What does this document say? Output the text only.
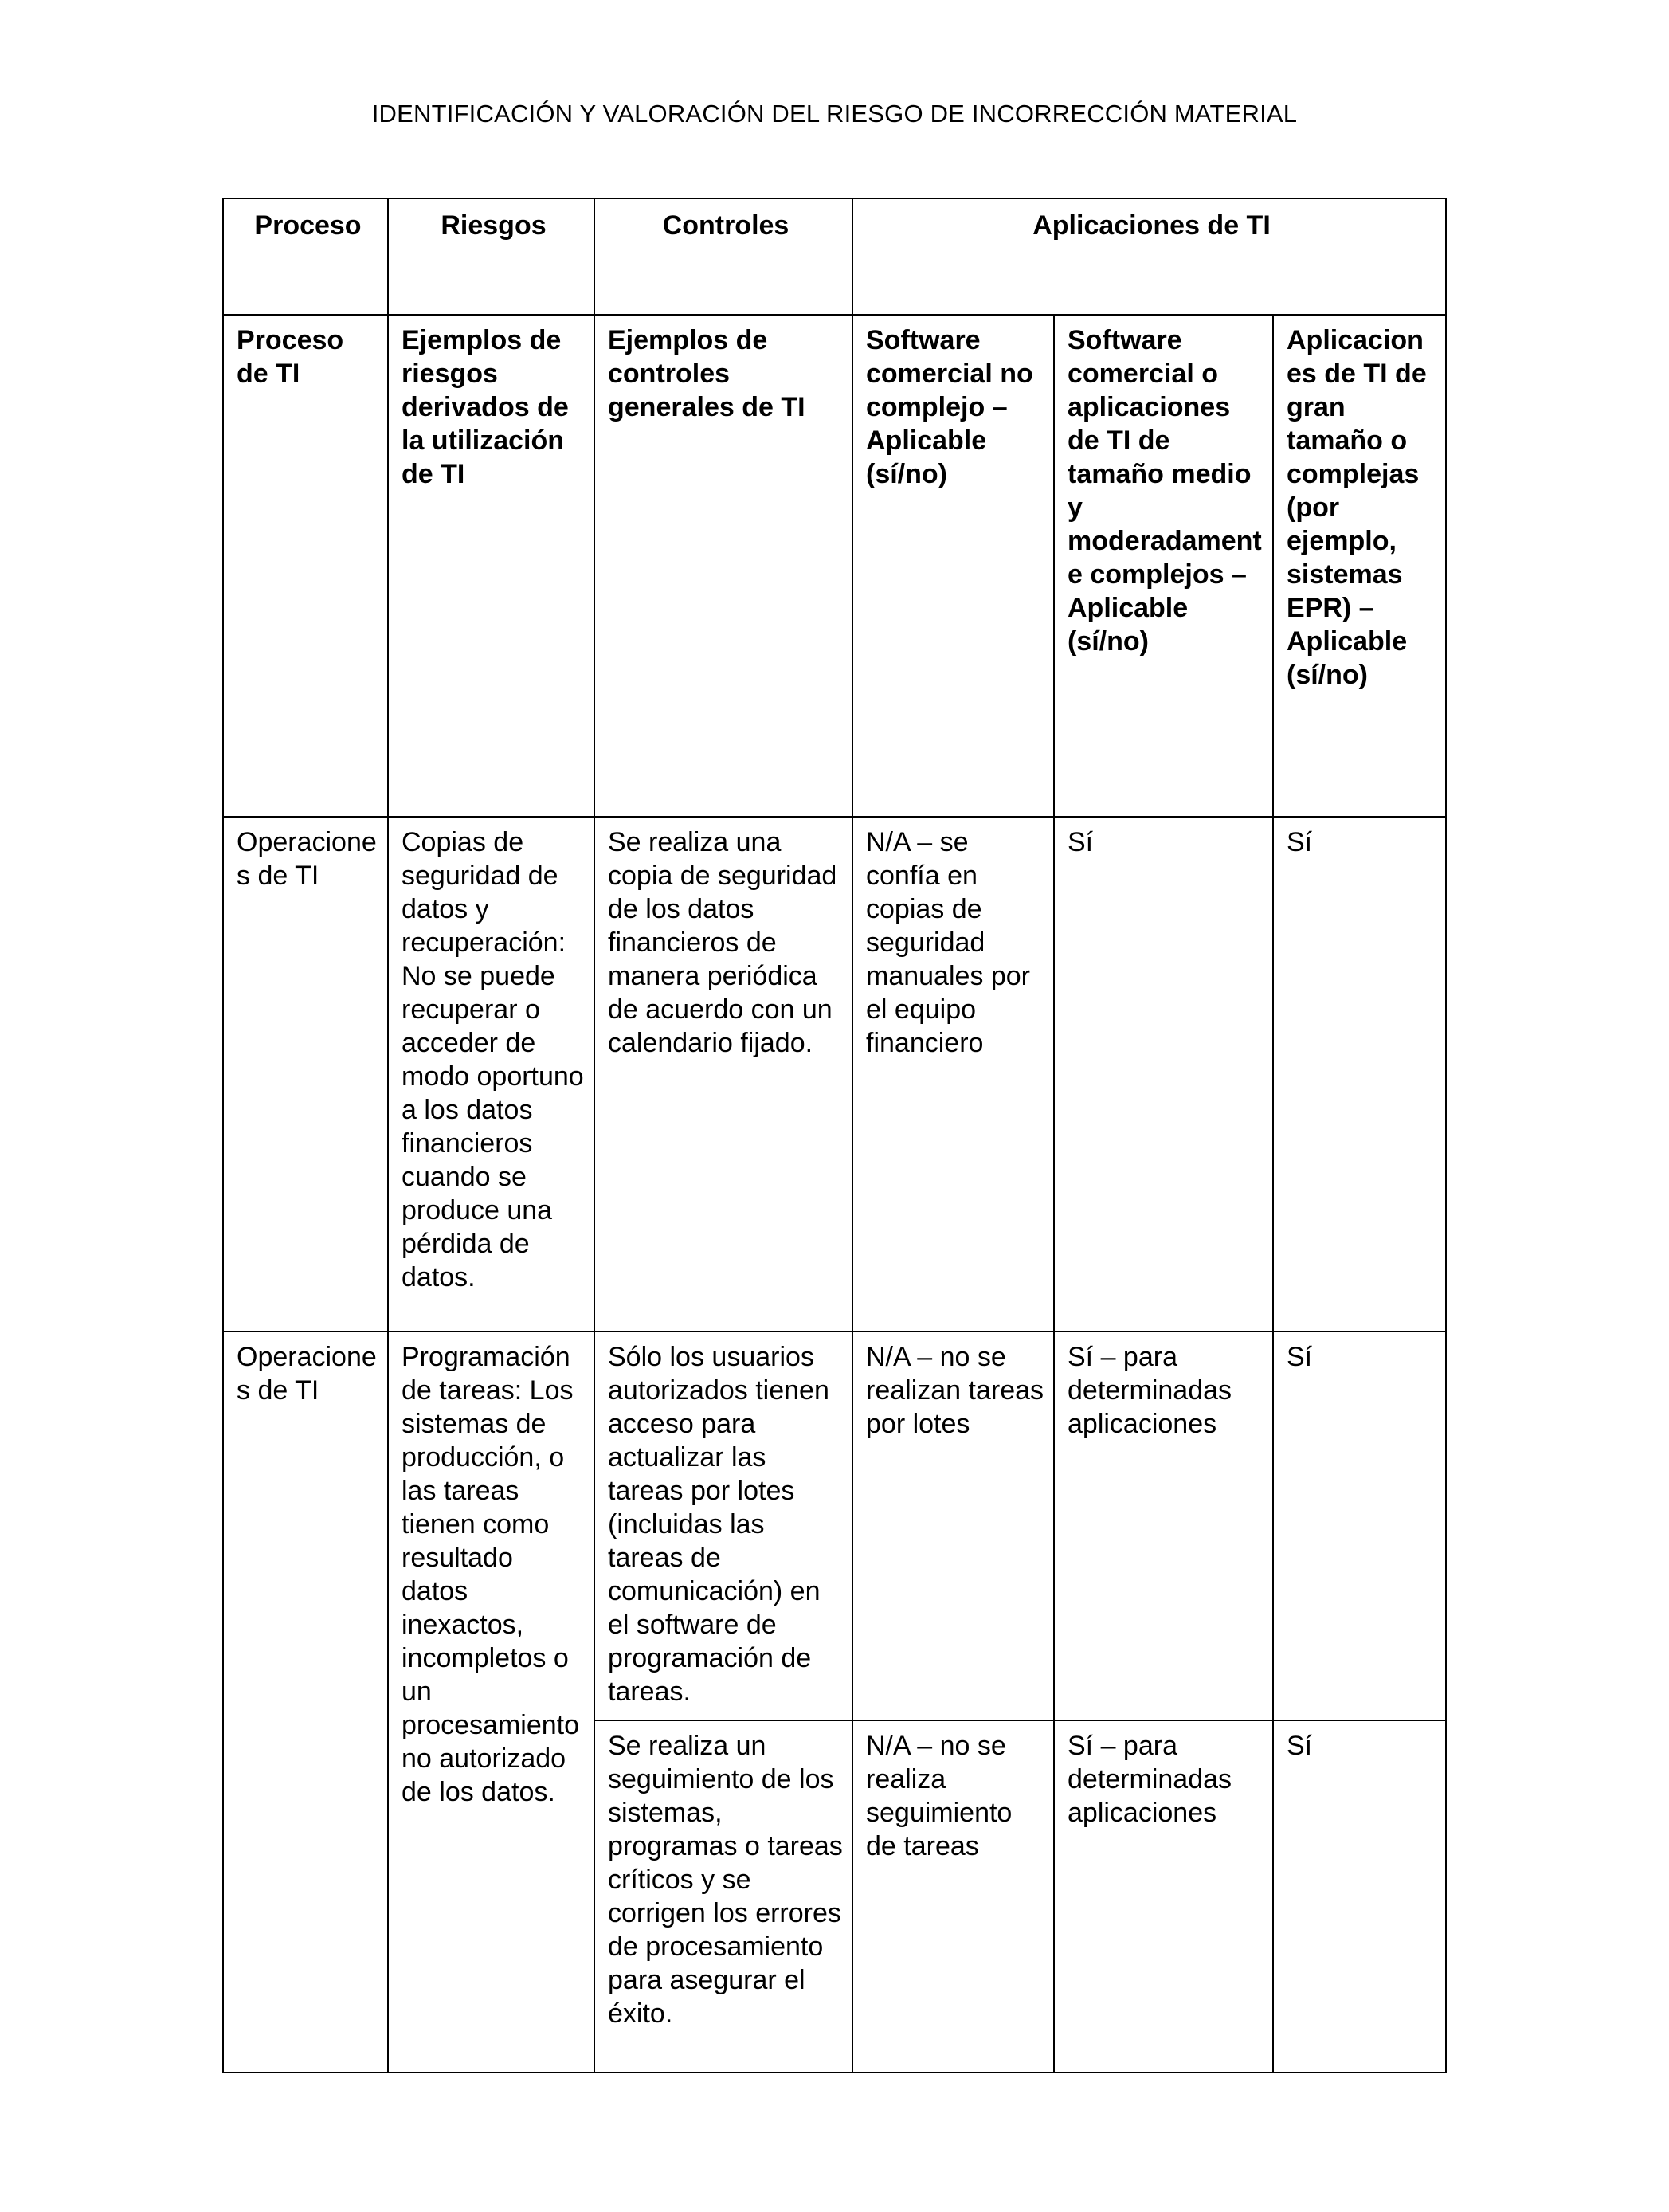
IDENTIFICACIÓN Y VALORACIÓN DEL RIESGO DE INCORRECCIÓN MATERIAL
Proceso	Riesgos	Controles	Aplicaciones de TI		
Proceso de TI	Ejemplos de riesgos derivados de la utilización de TI	Ejemplos de controles generales de TI	Software comercial no complejo – Aplicable (sí/no)	Software comercial o aplicaciones de TI de tamaño medio y moderadamente complejos – Aplicable (sí/no)	Aplicaciones de TI de gran tamaño o complejas (por ejemplo, sistemas EPR) – Aplicable (sí/no)
Operaciones de TI	Copias de seguridad de datos y recuperación: No se puede recuperar o acceder de modo oportuno a los datos financieros cuando se produce una pérdida de datos.	Se realiza una copia de seguridad de los datos financieros de manera periódica de acuerdo con un calendario fijado.	N/A – se confía en copias de seguridad manuales por el equipo financiero	Sí	Sí
Operaciones de TI	Programación de tareas: Los sistemas de producción, o las tareas tienen como resultado datos inexactos, incompletos o un procesamiento no autorizado de los datos.	Sólo los usuarios autorizados tienen acceso para actualizar las tareas por lotes (incluidas las tareas de comunicación) en el software de programación de tareas.	N/A – no se realizan tareas por lotes	Sí – para determinadas aplicaciones	Sí
		Se realiza un seguimiento de los sistemas, programas o tareas críticos y se corrigen los errores de procesamiento para asegurar el éxito.	N/A – no se realiza seguimiento de tareas	Sí – para determinadas aplicaciones	Sí
